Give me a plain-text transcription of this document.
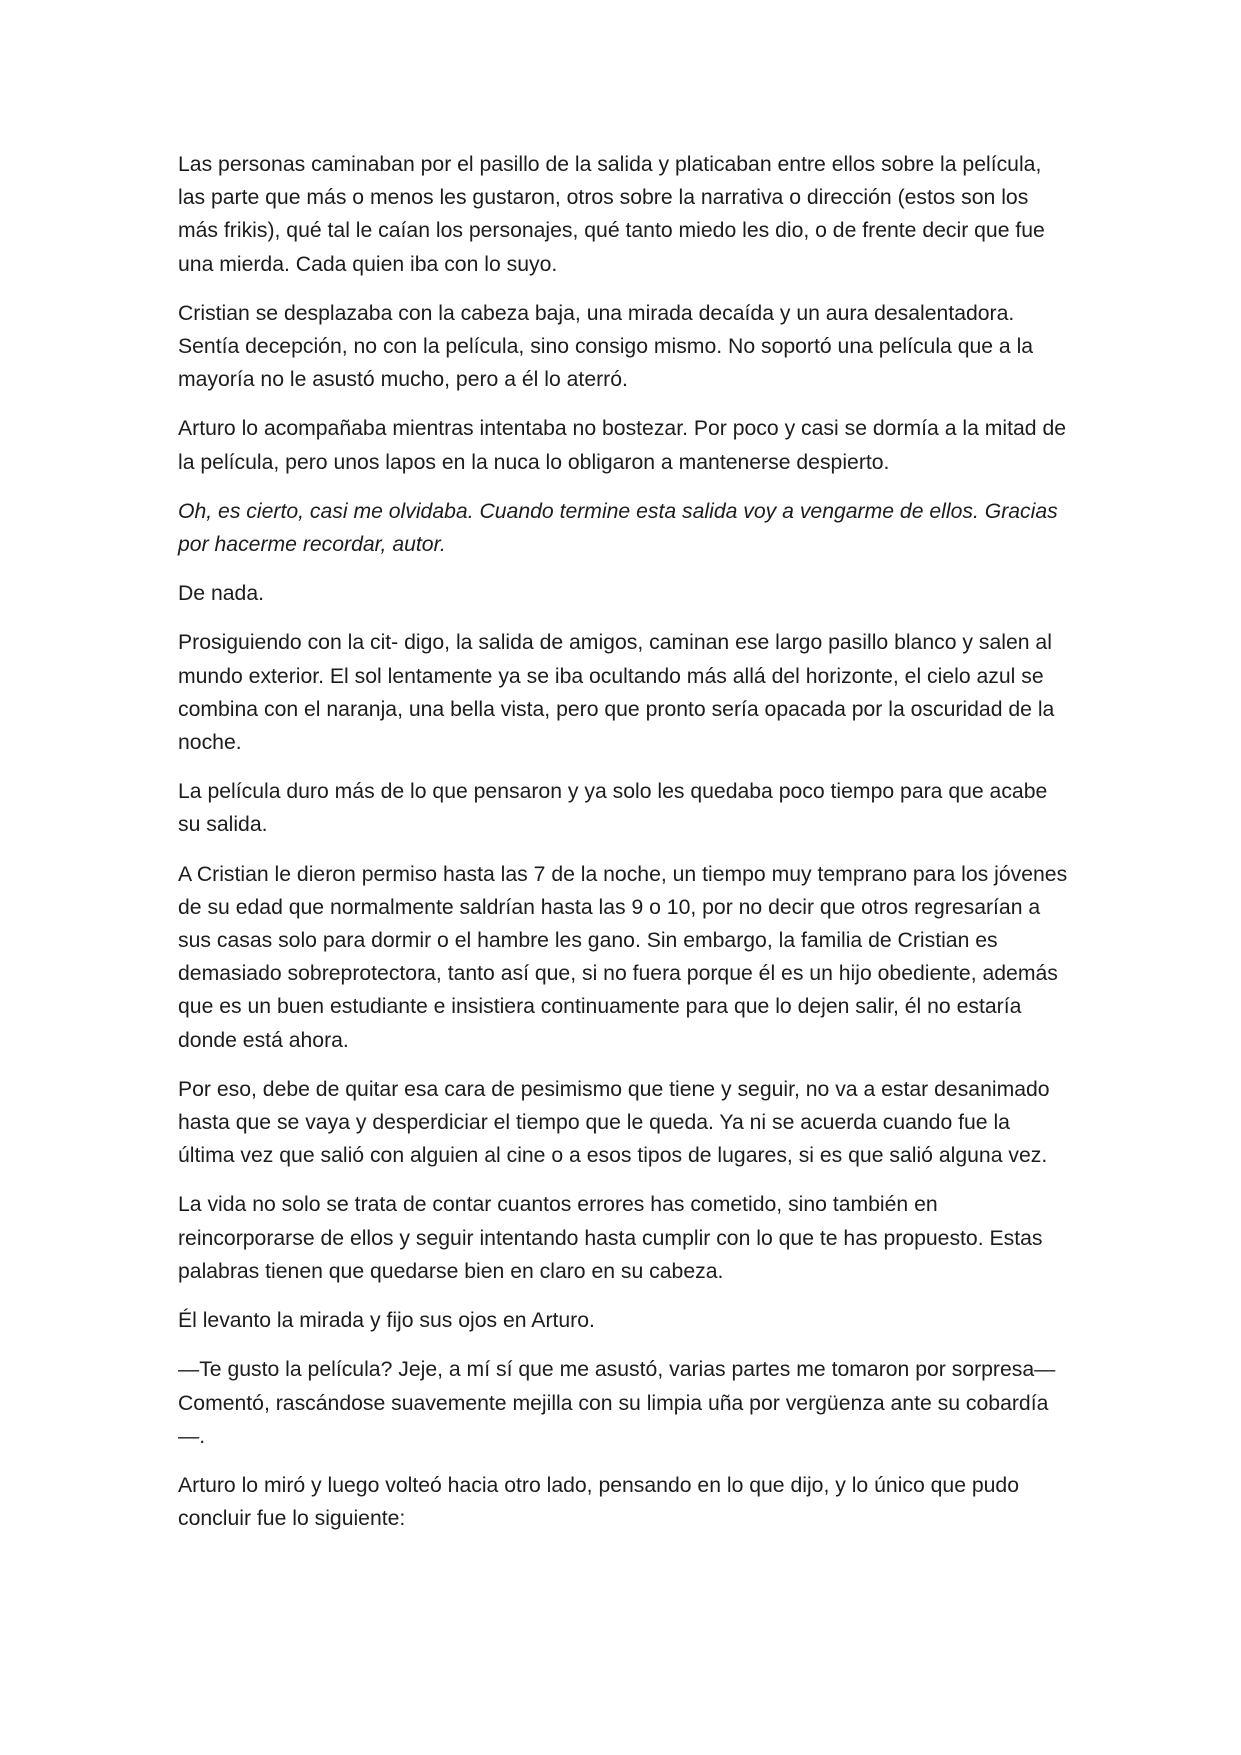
Las personas caminaban por el pasillo de la salida y platicaban entre ellos sobre la película, las parte que más o menos les gustaron, otros sobre la narrativa o dirección (estos son los más frikis), qué tal le caían los personajes, qué tanto miedo les dio, o de frente decir que fue una mierda. Cada quien iba con lo suyo.

Cristian se desplazaba con la cabeza baja, una mirada decaída y un aura desalentadora. Sentía decepción, no con la película, sino consigo mismo. No soportó una película que a la mayoría no le asustó mucho, pero a él lo aterró.

Arturo lo acompañaba mientras intentaba no bostezar. Por poco y casi se dormía a la mitad de la película, pero unos lapos en la nuca lo obligaron a mantenerse despierto.

Oh, es cierto, casi me olvidaba. Cuando termine esta salida voy a vengarme de ellos. Gracias por hacerme recordar, autor.

De nada.

Prosiguiendo con la cit- digo, la salida de amigos, caminan ese largo pasillo blanco y salen al mundo exterior. El sol lentamente ya se iba ocultando más allá del horizonte, el cielo azul se combina con el naranja, una bella vista, pero que pronto sería opacada por la oscuridad de la noche.

La película duro más de lo que pensaron y ya solo les quedaba poco tiempo para que acabe su salida.

A Cristian le dieron permiso hasta las 7 de la noche, un tiempo muy temprano para los jóvenes de su edad que normalmente saldrían hasta las 9 o 10, por no decir que otros regresarían a sus casas solo para dormir o el hambre les gano. Sin embargo, la familia de Cristian es demasiado sobreprotectora, tanto así que, si no fuera porque él es un hijo obediente, además que es un buen estudiante e insistiera continuamente para que lo dejen salir, él no estaría donde está ahora.

Por eso, debe de quitar esa cara de pesimismo que tiene y seguir, no va a estar desanimado hasta que se vaya y desperdiciar el tiempo que le queda. Ya ni se acuerda cuando fue la última vez que salió con alguien al cine o a esos tipos de lugares, si es que salió alguna vez.

La vida no solo se trata de contar cuantos errores has cometido, sino también en reincorporarse de ellos y seguir intentando hasta cumplir con lo que te has propuesto. Estas palabras tienen que quedarse bien en claro en su cabeza.

Él levanto la mirada y fijo sus ojos en Arturo.

—Te gusto la película? Jeje, a mí sí que me asustó, varias partes me tomaron por sorpresa—Comentó, rascándose suavemente mejilla con su limpia uña por vergüenza ante su cobardía—.

Arturo lo miró y luego volteó hacia otro lado, pensando en lo que dijo, y lo único que pudo concluir fue lo siguiente:
